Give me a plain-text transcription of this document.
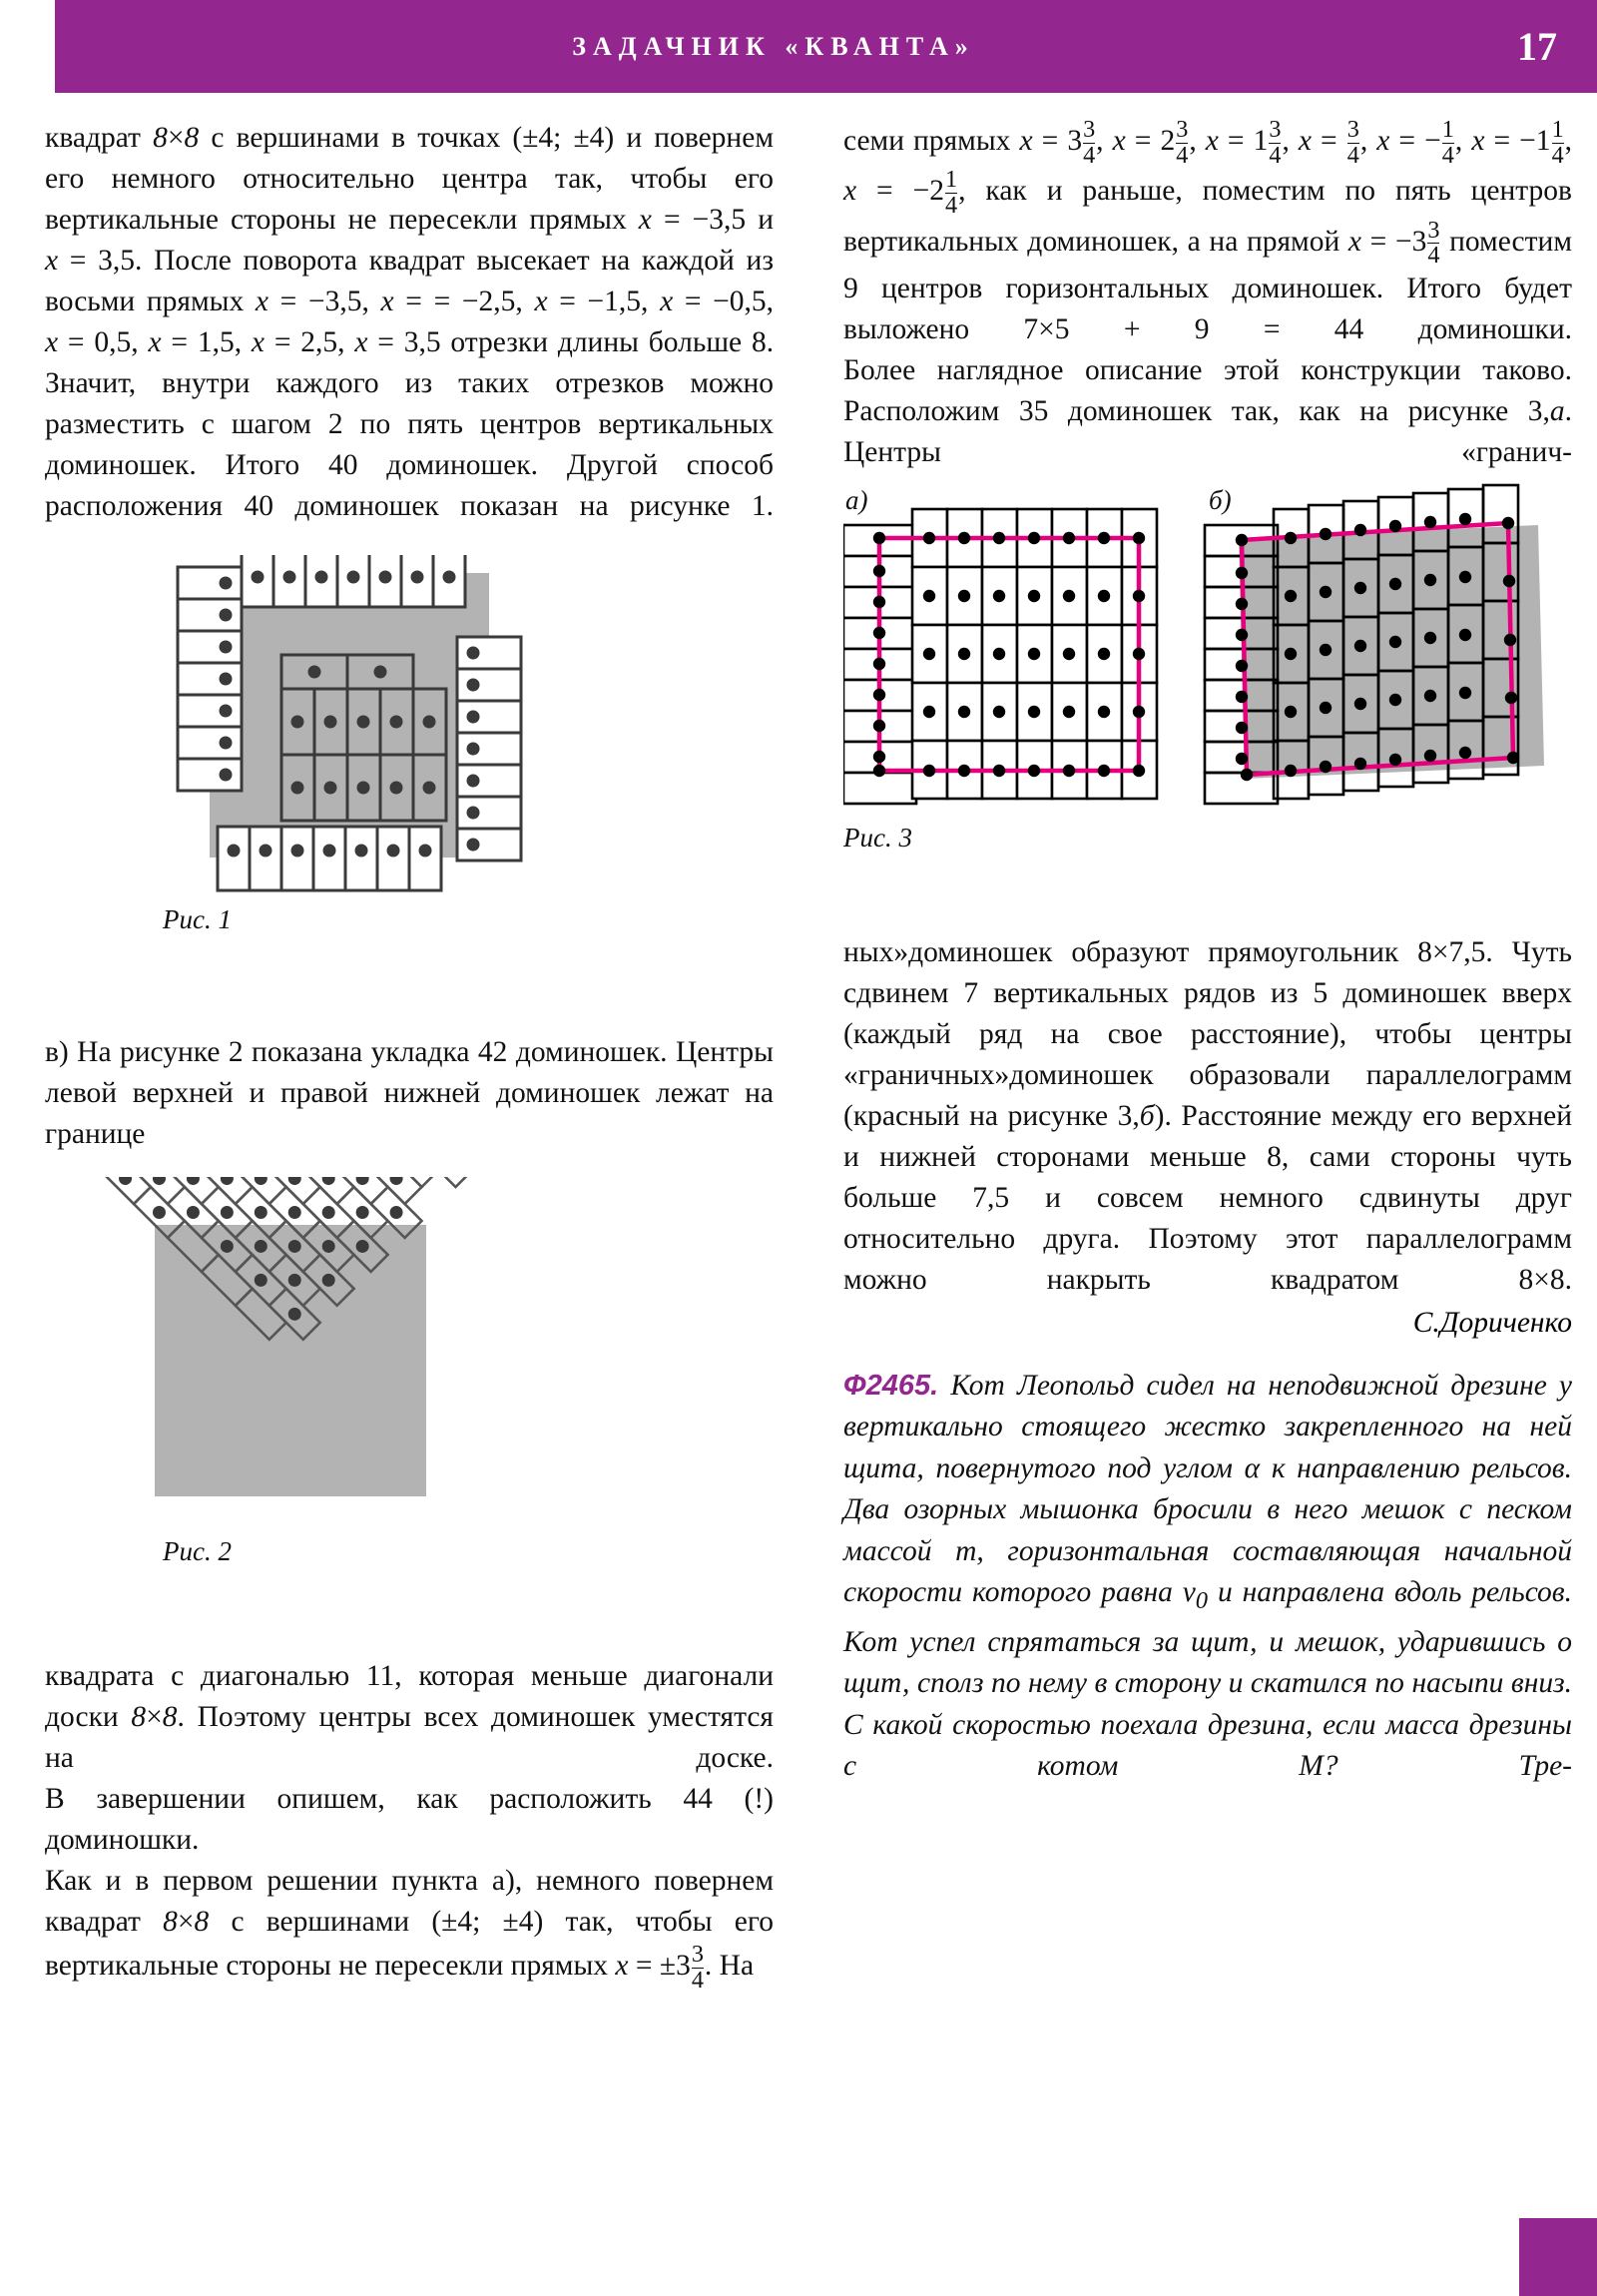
ЗАДАЧНИК «КВАНТА»	17

квадрат 8×8 с вершинами в точках (±4; ±4) и повернем его немного относительно центра так, чтобы его вертикальные стороны не пересекли прямых x = −3,5 и x = 3,5. После поворота квадрат высекает на каждой из восьми прямых x = −3,5, x = = −2,5, x = −1,5, x = −0,5, x = 0,5, x = 1,5, x = 2,5, x = 3,5 отрезки длины больше 8. Значит, внутри каждого из таких отрезков можно разместить с шагом 2 по пять центров вертикальных доминошек. Итого 40 доминошек. Другой способ расположения 40 доминошек показан на рисунке 1.

Рис. 1

в) На рисунке 2 показана укладка 42 доминошек. Центры левой верхней и правой нижней доминошек лежат на границе

Рис. 2

квадрата с диагональю 11, которая меньше диагонали доски 8×8. Поэтому центры всех доминошек уместятся на доске.

В завершении опишем, как расположить 44 (!) доминошки.

Как и в первом решении пункта а), немного повернем квадрат 8×8 с вершинами (±4; ±4) так, чтобы его вертикальные стороны не пересекли прямых $x = \pm 3 \frac{3}{4}$ . На

семи прямых $x = 3 \frac{3}{4}$ , $x = 2 \frac{3}{4}$ , $x = 1 \frac{3}{4}$ , $x = \frac{3}{4}$ , x = − $\frac{1}{4}$ , $x = -1 \frac{1}{4}$ , $x = -2 \frac{1}{4}$ , как и раньше, поместим по пять центров вертикальных доминошек, а на прямой $x = -3 \frac{3}{4}$ поместим 9 центров горизонтальных доминошек. Итого будет выложено 7×5 + 9 = 44 доминошки.

Более наглядное описание этой конструкции таково. Расположим 35 доминошек так, как на рисунке 3,а. Центры «гранич-

а)	б)
Рис. 3

ных»доминошек образуют прямоугольник 8×7,5. Чуть сдвинем 7 вертикальных рядов из 5 доминошек вверх (каждый ряд на свое расстояние), чтобы центры «граничных»доминошек образовали параллелограмм (красный на рисунке 3,б). Расстояние между его верхней и нижней сторонами меньше 8, сами стороны чуть больше 7,5 и совсем немного сдвинуты друг относительно друга. Поэтому этот параллелограмм можно накрыть квадратом 8×8.

С.Дориченко

Ф2465. Кот Леопольд сидел на неподвижной дрезине у вертикально стоящего жестко закрепленного на ней щита, повернутого под углом α к направлению рельсов. Два озорных мышонка бросили в него мешок с песком массой m, горизонтальная составляющая начальной скорости которого равна $v_0$ и направлена вдоль рельсов. Кот успел спрятаться за щит, и мешок, ударившись о щит, сполз по нему в сторону и скатился по насыпи вниз. С какой скоростью поехала дрезина, если масса дрезины с котом М? Тре-
